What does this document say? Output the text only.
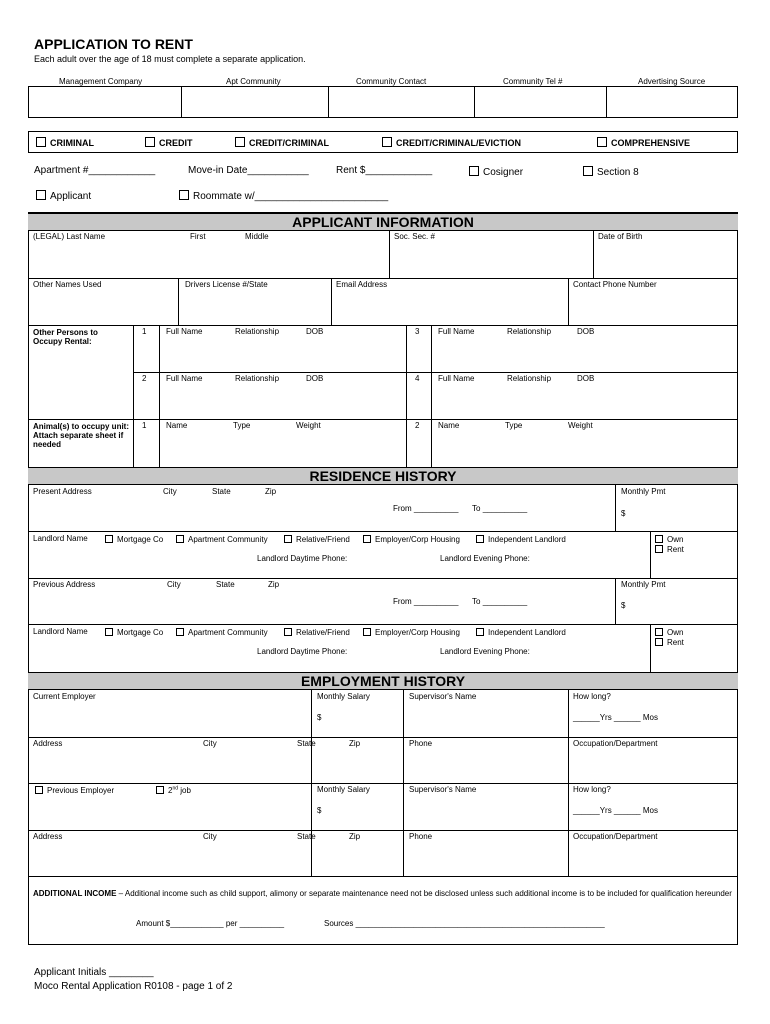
APPLICATION TO RENT
Each adult over the age of 18 must complete a separate application.
Management Company	Apt Community	Community Contact	Community Tel #	Advertising Source
CRIMINAL	CREDIT	CREDIT/CRIMINAL	CREDIT/CRIMINAL/EVICTION	COMPREHENSIVE
Apartment #____________	Move-in Date___________	Rent $____________	Cosigner	Section 8
Applicant	Roommate w/________________________
APPLICANT INFORMATION
(LEGAL) Last Name	First	Middle	Soc. Sec. #	Date of Birth
Other Names Used	Drivers License #/State	Email Address	Contact Phone Number
Other Persons to Occupy Rental:
1 Full Name	Relationship	DOB	3 Full Name	Relationship	DOB
2 Full Name	Relationship	DOB	4 Full Name	Relationship	DOB
Animal(s) to occupy unit: Attach separate sheet if needed
1 Name	Type	Weight	2 Name	Type	Weight
RESIDENCE HISTORY
Present Address	City	State	Zip	Monthly Pmt
From __________ To __________
$
Landlord Name	Mortgage Co	Apartment Community	Relative/Friend	Employer/Corp Housing	Independent Landlord	Own
Rent
Landlord Daytime Phone:	Landlord Evening Phone:
Previous Address	City	State	Zip	Monthly Pmt
From __________ To __________	$
Landlord Name	Mortgage Co	Apartment Community	Relative/Friend	Employer/Corp Housing	Independent Landlord	Own
Rent
Landlord Daytime Phone:	Landlord Evening Phone:
EMPLOYMENT HISTORY
Current Employer	Monthly Salary	Supervisor's Name	How long?
$	______Yrs ______ Mos
Address	City	State	Zip	Phone	Occupation/Department
Previous Employer	2nd job	Monthly Salary	Supervisor's Name	How long?
$	______Yrs ______ Mos
Address	City	State	Zip	Phone	Occupation/Department
ADDITIONAL INCOME – Additional income such as child support, alimony or separate maintenance need not be disclosed unless such additional income is to be included for qualification hereunder
Amount $____________ per __________	Sources ________________________________________________________
Applicant Initials ________
Moco Rental Application R0108 - page 1 of 2
